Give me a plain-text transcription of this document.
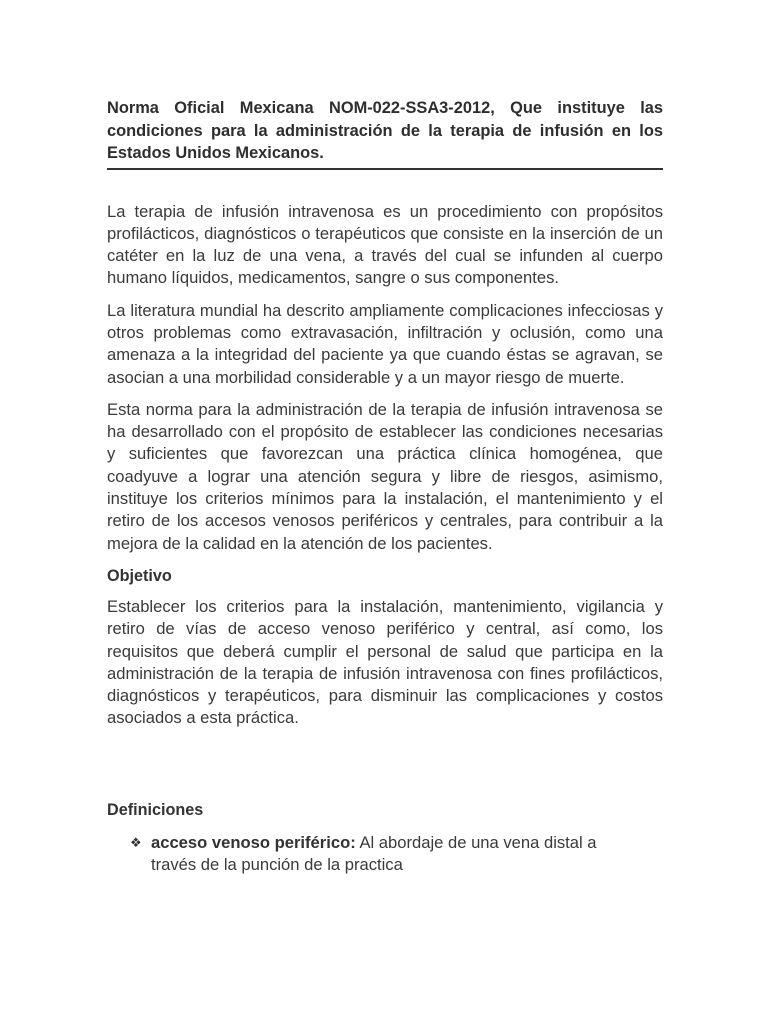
Norma Oficial Mexicana NOM-022-SSA3-2012, Que instituye las condiciones para la administración de la terapia de infusión en los Estados Unidos Mexicanos.

La terapia de infusión intravenosa es un procedimiento con propósitos profilácticos, diagnósticos o terapéuticos que consiste en la inserción de un catéter en la luz de una vena, a través del cual se infunden al cuerpo humano líquidos, medicamentos, sangre o sus componentes.

La literatura mundial ha descrito ampliamente complicaciones infecciosas y otros problemas como extravasación, infiltración y oclusión, como una amenaza a la integridad del paciente ya que cuando éstas se agravan, se asocian a una morbilidad considerable y a un mayor riesgo de muerte.

Esta norma para la administración de la terapia de infusión intravenosa se ha desarrollado con el propósito de establecer las condiciones necesarias y suficientes que favorezcan una práctica clínica homogénea, que coadyuve a lograr una atención segura y libre de riesgos, asimismo, instituye los criterios mínimos para la instalación, el mantenimiento y el retiro de los accesos venosos periféricos y centrales, para contribuir a la mejora de la calidad en la atención de los pacientes.

Objetivo

Establecer los criterios para la instalación, mantenimiento, vigilancia y retiro de vías de acceso venoso periférico y central, así como, los requisitos que deberá cumplir el personal de salud que participa en la administración de la terapia de infusión intravenosa con fines profilácticos, diagnósticos y terapéuticos, para disminuir las complicaciones y costos asociados a esta práctica.

Definiciones
❖ acceso venoso periférico: Al abordaje de una vena distal a través de la punción de la practica
